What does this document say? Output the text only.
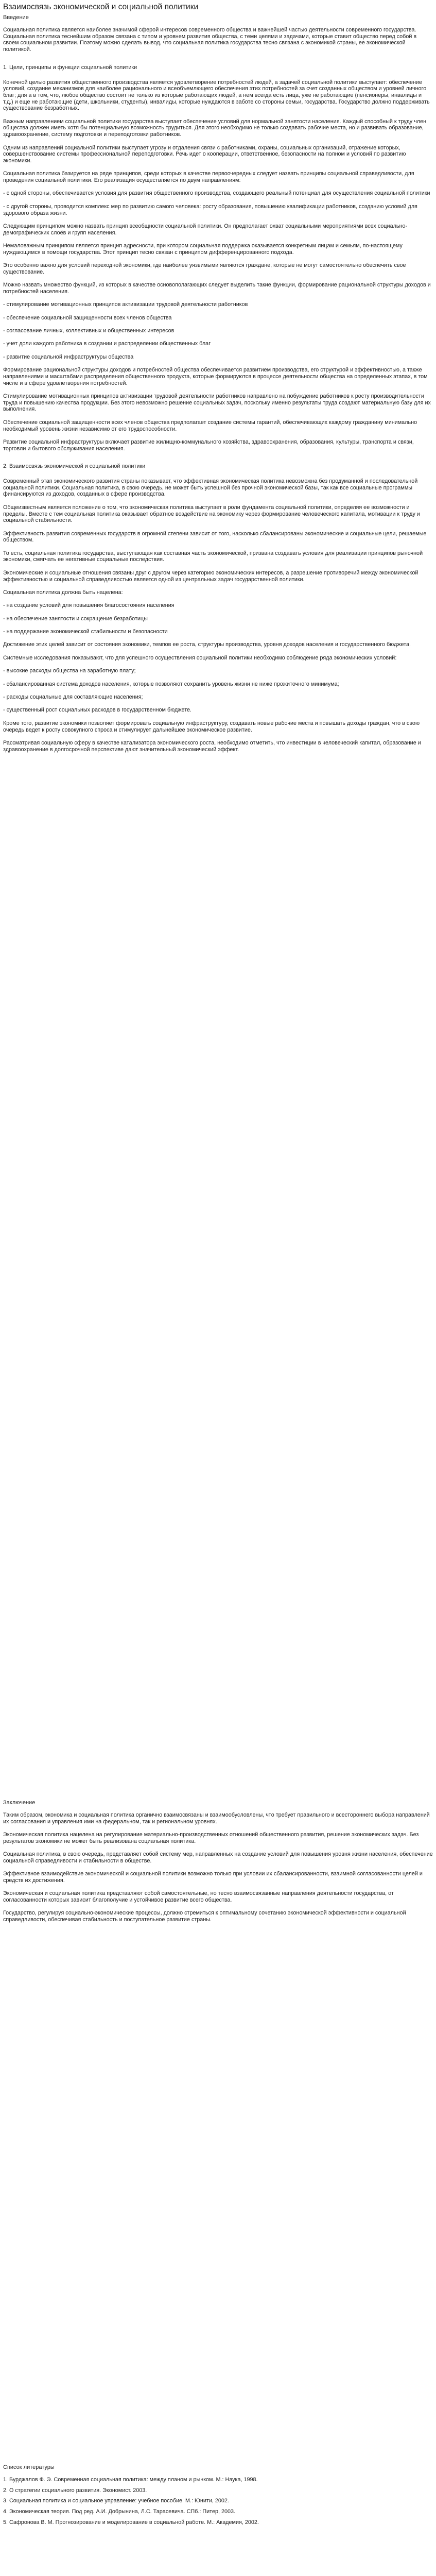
Взаимосвязь экономической и социальной политики
Введение

Социальная политика является наиболее значимой сферой интересов современного общества и важнейшей частью деятельности современного государства. Социальная политика теснейшим образом связана с типом и уровнем развития общества, с теми целями и задачами, которые ставит общество перед собой в своем социальном развитии. Поэтому можно сделать вывод, что социальная политика государства тесно связана с экономикой страны, ее экономической политикой.

1. Цели, принципы и функции социальной политики

Конечной целью развития общественного производства является удовлетворение потребностей людей, а задачей социальной политики выступает: обеспечение условий, создание механизмов для наиболее рационального и всеобъемлющего обеспечения этих потребностей за счет созданных обществом и уровней личного благ; для а в том, что, любое общество состоит не только из которые работающих людей, а нем всегда есть лица, уже не работающие (пенсионеры, инвалиды и т.д.) и еще не работающие (дети, школьники, студенты), инвалиды, которые нуждаются в заботе со стороны семьи, государства. Государство должно поддерживать существование безработных.

Важным направлением социальной политики государства выступает обеспечение условий для нормальной занятости населения. Каждый способный к труду член общества должен иметь хотя бы потенциальную возможность трудиться. Для этого необходимо не только создавать рабочие места, но и развивать образование, здравоохранение, систему подготовки и переподготовки работников.

Одним из направлений социальной политики выступает угрозу и отдаления связи с работниками, охраны, социальных организаций, отражение которых, совершенствование системы профессиональной переподготовки. Речь идет о кооперации, ответственное, безопасности на полном и условий по развитию экономики.

Социальная политика базируется на ряде принципов, среди которых в качестве первоочередных следует назвать принципы социальной справедливости, для проведения социальной политики. Его реализация осуществляется по двум направлениям:

- с одной стороны, обеспечивается условия для развития общественного производства, создающего реальный потенциал для осуществления социальной политики

- с другой стороны, проводится комплекс мер по развитию самого человека: росту образования, повышению квалификации работников, созданию условий для здорового образа жизни.

Следующим принципом можно назвать принцип всеобщности социальной политики. Он предполагает охват социальными мероприятиями всех социально-демографических слоёв и групп населения.

Немаловажным принципом является принцип адресности, при котором социальная поддержка оказывается конкретным лицам и семьям, по-настоящему нуждающимся в помощи государства. Этот принцип тесно связан с принципом дифференцированного подхода.

Это особенно важно для условий переходной экономики, где наиболее уязвимыми являются граждане, которые не могут самостоятельно обеспечить свое существование.

Можно назвать множество функций, из которых в качестве основополагающих следует выделить такие функции, формирование рациональной структуры доходов и потребностей населения.

- стимулирование мотивационных принципов активизации трудовой деятельности работников

- обеспечение социальной защищенности всех членов общества

- согласование личных, коллективных и общественных интересов

- учет доли каждого работника в создании и распределении общественных благ

- развитие социальной инфраструктуры общества

Формирование рациональной структуры доходов и потребностей общества обеспечивается развитием производства, его структурой и эффективностью, а также направлениями и масштабами распределения общественного продукта, которые формируются в процессе деятельности общества на определенных этапах, в том числе и в сфере удовлетворения потребностей.

Стимулирование мотивационных принципов активизации трудовой деятельности работников направлено на побуждение работников к росту производительности труда и повышению качества продукции. Без этого невозможно решение социальных задач, поскольку именно результаты труда создают материальную базу для их выполнения.

Обеспечение социальной защищенности всех членов общества предполагает создание системы гарантий, обеспечивающих каждому гражданину минимально необходимый уровень жизни независимо от его трудоспособности.

Развитие социальной инфраструктуры включает развитие жилищно-коммунального хозяйства, здравоохранения, образования, культуры, транспорта и связи, торговли и бытового обслуживания населения.

2. Взаимосвязь экономической и социальной политики

Современный этап экономического развития страны показывает, что эффективная экономическая политика невозможна без продуманной и последовательной социальной политики. Социальная политика, в свою очередь, не может быть успешной без прочной экономической базы, так как все социальные программы финансируются из доходов, созданных в сфере производства.

Общеизвестным является положение о том, что экономическая политика выступает в роли фундамента социальной политики, определяя ее возможности и пределы. Вместе с тем социальная политика оказывает обратное воздействие на экономику через формирование человеческого капитала, мотивации к труду и социальной стабильности.

Эффективность развития современных государств в огромной степени зависит от того, насколько сбалансированы экономические и социальные цели, решаемые обществом.

То есть, социальная политика государства, выступающая как составная часть экономической, призвана создавать условия для реализации принципов рыночной экономики, смягчать ее негативные социальные последствия.

Экономические и социальные отношения связаны друг с другом через категорию экономических интересов, а разрешение противоречий между экономической эффективностью и социальной справедливостью является одной из центральных задач государственной политики.

Социальная политика должна быть нацелена:

- на создание условий для повышения благосостояния населения

- на обеспечение занятости и сокращение безработицы

- на поддержание экономической стабильности и безопасности

Достижение этих целей зависит от состояния экономики, темпов ее роста, структуры производства, уровня доходов населения и государственного бюджета.

Системные исследования показывают, что для успешного осуществления социальной политики необходимо соблюдение ряда экономических условий:

- высокие расходы общества на заработную плату;

- сбалансированная система доходов населения, которые позволяют сохранить уровень жизни не ниже прожиточного минимума;

- расходы социальные для составляющие населения;

- существенный рост социальных расходов в государственном бюджете.

Кроме того, развитие экономики позволяет формировать социальную инфраструктуру, создавать новые рабочие места и повышать доходы граждан, что в свою очередь ведет к росту совокупного спроса и стимулирует дальнейшее экономическое развитие.

Рассматривая социальную сферу в качестве катализатора экономического роста, необходимо отметить, что инвестиции в человеческий капитал, образование и здравоохранение в долгосрочной перспективе дают значительный экономический эффект.

Заключение

Таким образом, экономика и социальная политика органично взаимосвязаны и взаимообусловлены, что требует правильного и всестороннего выбора направлений их согласования и управления ими на федеральном, так и региональном уровнях.

Экономическая политика нацелена на регулирование материально-производственных отношений общественного развития, решение экономических задач. Без результатов экономики не может быть реализована социальная политика.

Социальная политика, в свою очередь, представляет собой систему мер, направленных на создание условий для повышения уровня жизни населения, обеспечение социальной справедливости и стабильности в обществе.

Эффективное взаимодействие экономической и социальной политики возможно только при условии их сбалансированности, взаимной согласованности целей и средств их достижения.

Экономическая и социальная политика представляют собой самостоятельные, но тесно взаимосвязанные направления деятельности государства, от согласованности которых зависит благополучие и устойчивое развитие всего общества.

Государство, регулируя социально-экономические процессы, должно стремиться к оптимальному сочетанию экономической эффективности и социальной справедливости, обеспечивая стабильность и поступательное развитие страны.

Список литературы

1. Бурджалов Ф. Э. Современная социальная политика: между планом и рынком. М.: Наука, 1998.

2. О стратегии социального развития. Экономист. 2003.

3. Социальная политика и социальное управление: учебное пособие. М.: Юнити, 2002.

4. Экономическая теория. Под ред. А.И. Добрынина, Л.С. Тарасевича. СПб.: Питер, 2003.

5. Сафронова В. М. Прогнозирование и моделирование в социальной работе. М.: Академия, 2002.
